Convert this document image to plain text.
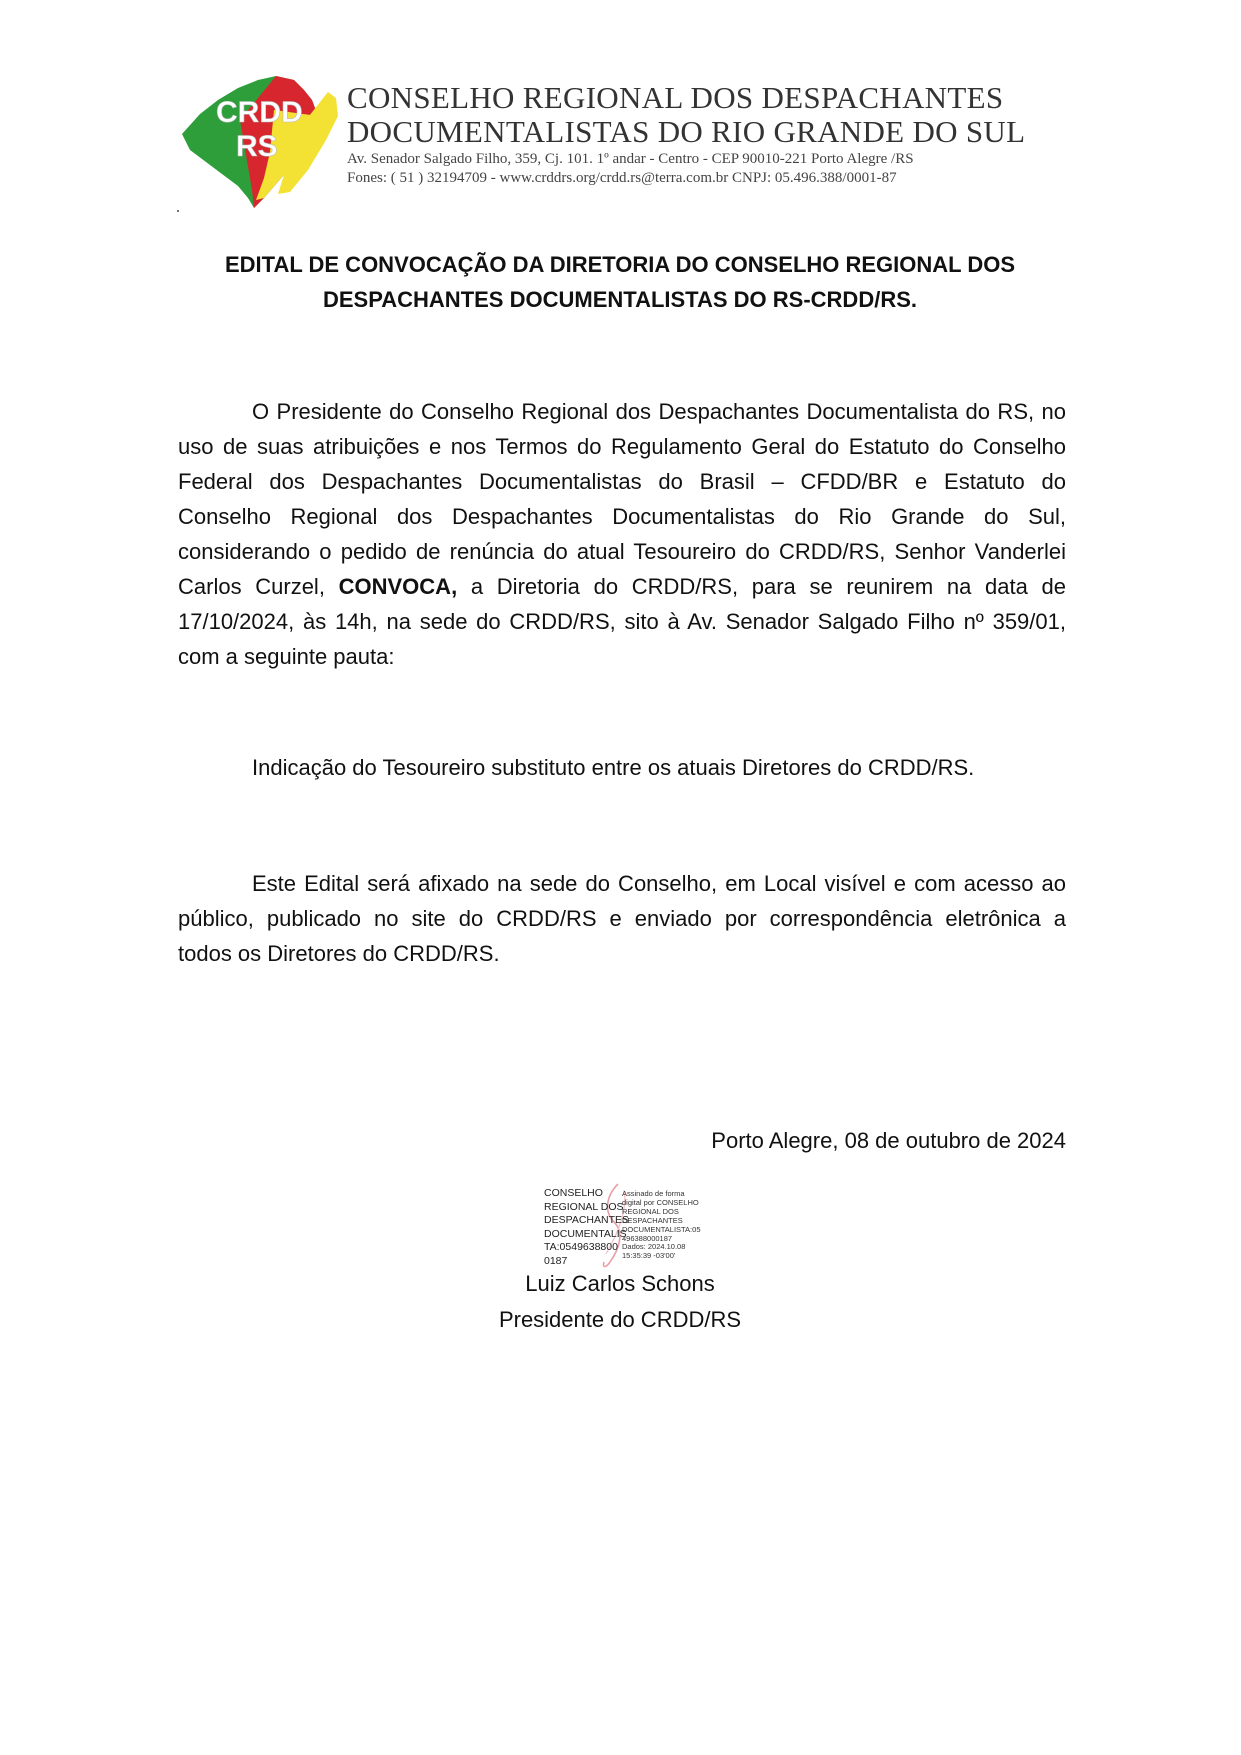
CRDD
RS
CONSELHO REGIONAL DOS DESPACHANTES
DOCUMENTALISTAS DO RIO GRANDE DO SUL
Av. Senador Salgado Filho, 359, Cj. 101. 1º andar - Centro - CEP 90010-221 Porto Alegre /RS
Fones: ( 51 ) 32194709 - www.crddrs.org/crdd.rs@terra.com.br CNPJ: 05.496.388/0001-87
EDITAL DE CONVOCAÇÃO DA DIRETORIA DO CONSELHO REGIONAL DOS
DESPACHANTES DOCUMENTALISTAS DO RS-CRDD/RS.
O Presidente do Conselho Regional dos Despachantes Documentalista do RS, no
uso de suas atribuições e nos Termos do Regulamento Geral do Estatuto do Conselho
Federal dos Despachantes Documentalistas do Brasil – CFDD/BR e Estatuto do
Conselho Regional dos Despachantes Documentalistas do Rio Grande do Sul,
considerando o pedido de renúncia do atual Tesoureiro do CRDD/RS, Senhor Vanderlei
Carlos Curzel, CONVOCA, a Diretoria do CRDD/RS, para se reunirem na data de
17/10/2024, às 14h, na sede do CRDD/RS, sito à Av. Senador Salgado Filho nº 359/01,
com a seguinte pauta:
Indicação do Tesoureiro substituto entre os atuais Diretores do CRDD/RS.
Este Edital será afixado na sede do Conselho, em Local visível e com acesso ao
público, publicado no site do CRDD/RS e enviado por correspondência eletrônica a
todos os Diretores do CRDD/RS.
Porto Alegre, 08 de outubro de 2024
CONSELHO
REGIONAL DOS
DESPACHANTES
DOCUMENTALIS
TA:0549638800
0187
Assinado de forma
digital por CONSELHO
REGIONAL DOS
DESPACHANTES
DOCUMENTALISTA:05
496388000187
Dados: 2024.10.08
15:35:39 -03'00'
Luiz Carlos Schons
Presidente do CRDD/RS
